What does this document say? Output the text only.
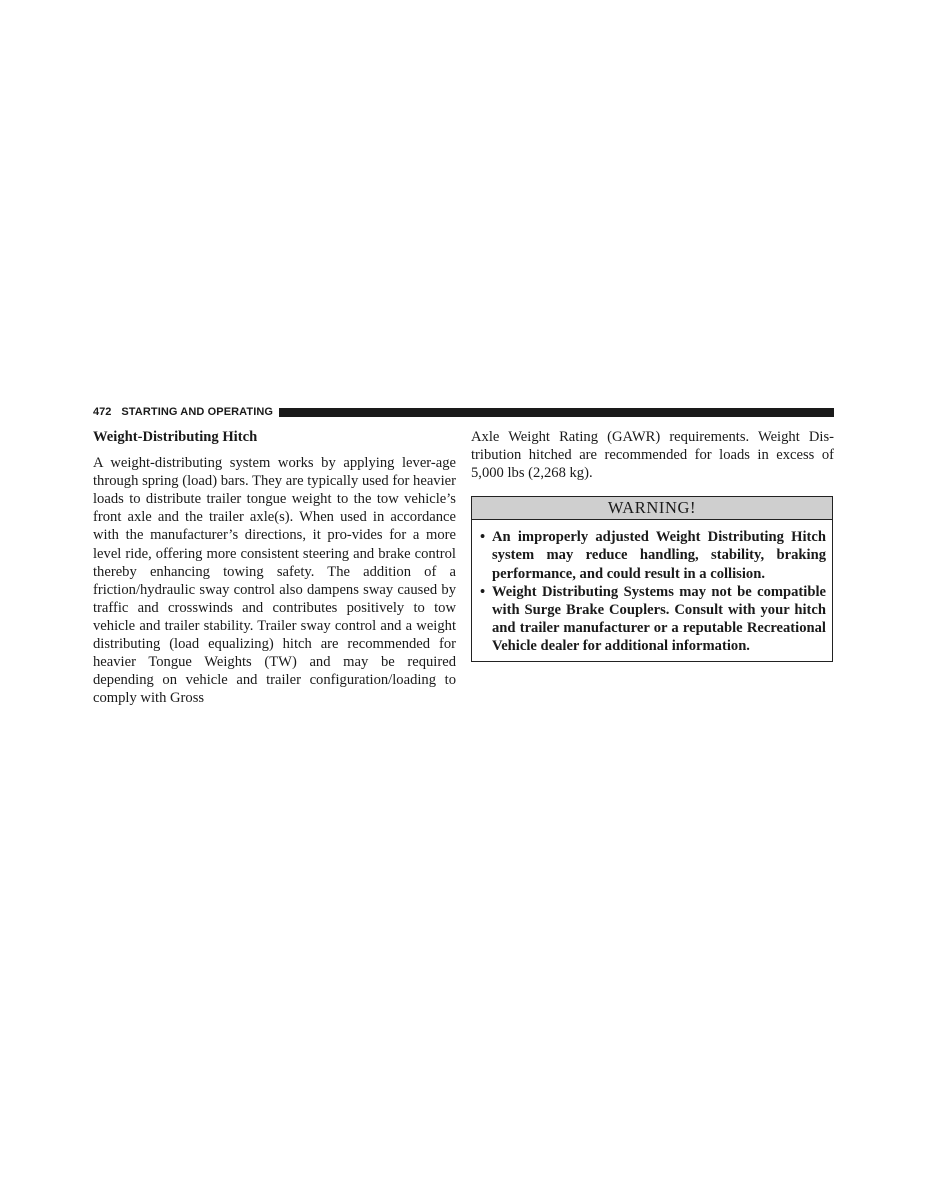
472 STARTING AND OPERATING

Weight-Distributing Hitch

A weight-distributing system works by applying lever-age through spring (load) bars. They are typically used for heavier loads to distribute trailer tongue weight to the tow vehicle’s front axle and the trailer axle(s). When used in accordance with the manufacturer’s directions, it pro-vides for a more level ride, offering more consistent steering and brake control thereby enhancing towing safety. The addition of a friction/hydraulic sway control also dampens sway caused by traffic and crosswinds and contributes positively to tow vehicle and trailer stability. Trailer sway control and a weight distributing (load equalizing) hitch are recommended for heavier Tongue Weights (TW) and may be required depending on vehicle and trailer configuration/loading to comply with Gross

Axle Weight Rating (GAWR) requirements. Weight Dis-tribution hitched are recommended for loads in excess of 5,000 lbs (2,268 kg).

WARNING!
• An improperly adjusted Weight Distributing Hitch system may reduce handling, stability, braking performance, and could result in a collision.
• Weight Distributing Systems may not be compatible with Surge Brake Couplers. Consult with your hitch and trailer manufacturer or a reputable Recreational Vehicle dealer for additional information.
